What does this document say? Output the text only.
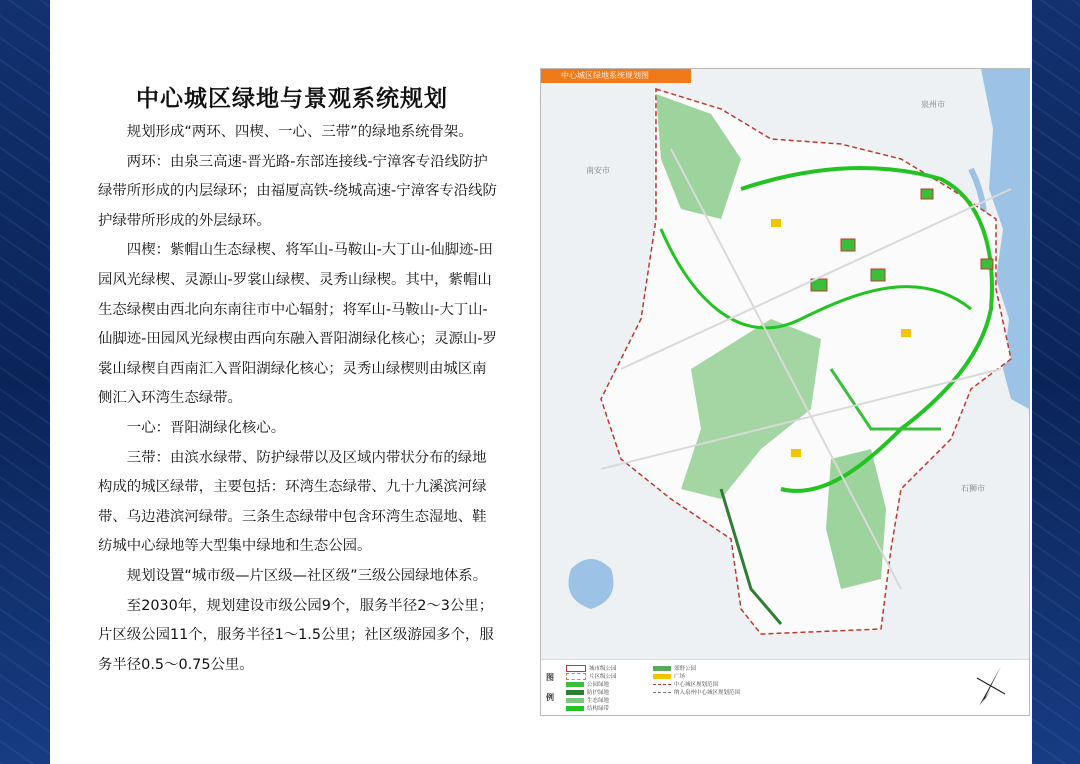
中心城区绿地与景观系统规划

规划形成“两环、四楔、一心、三带”的绿地系统骨架。

两环：由泉三高速-晋光路-东部连接线-宁漳客专沿线防护绿带所形成的内层绿环；由福厦高铁-绕城高速-宁漳客专沿线防护绿带所形成的外层绿环。

四楔：紫帽山生态绿楔、将军山-马鞍山-大丁山-仙脚迹-田园风光绿楔、灵源山-罗裳山绿楔、灵秀山绿楔。其中，紫帽山生态绿楔由西北向东南往市中心辐射；将军山-马鞍山-大丁山-仙脚迹-田园风光绿楔由西向东融入晋阳湖绿化核心；灵源山-罗裳山绿楔自西南汇入晋阳湖绿化核心；灵秀山绿楔则由城区南侧汇入环湾生态绿带。

一心：晋阳湖绿化核心。

三带：由滨水绿带、防护绿带以及区域内带状分布的绿地构成的城区绿带，主要包括：环湾生态绿带、九十九溪滨河绿带、乌边港滨河绿带。三条生态绿带中包含环湾生态湿地、鞋纺城中心绿地等大型集中绿地和生态公园。

规划设置“城市级—片区级—社区级”三级公园绿地体系。

至2030年，规划建设市级公园9个，服务半径2～3公里；片区级公园11个，服务半径1～1.5公里；社区级游园多个，服务半径0.5～0.75公里。

中心城区绿地系统规划图
南安市
泉州市
石狮市
图例
城市级公园
片区级公园
公园绿地
防护绿地
生态绿地
结构绿带
郊野公园
广场
中心城区规划范围
纳入泉州中心城区规划范围
